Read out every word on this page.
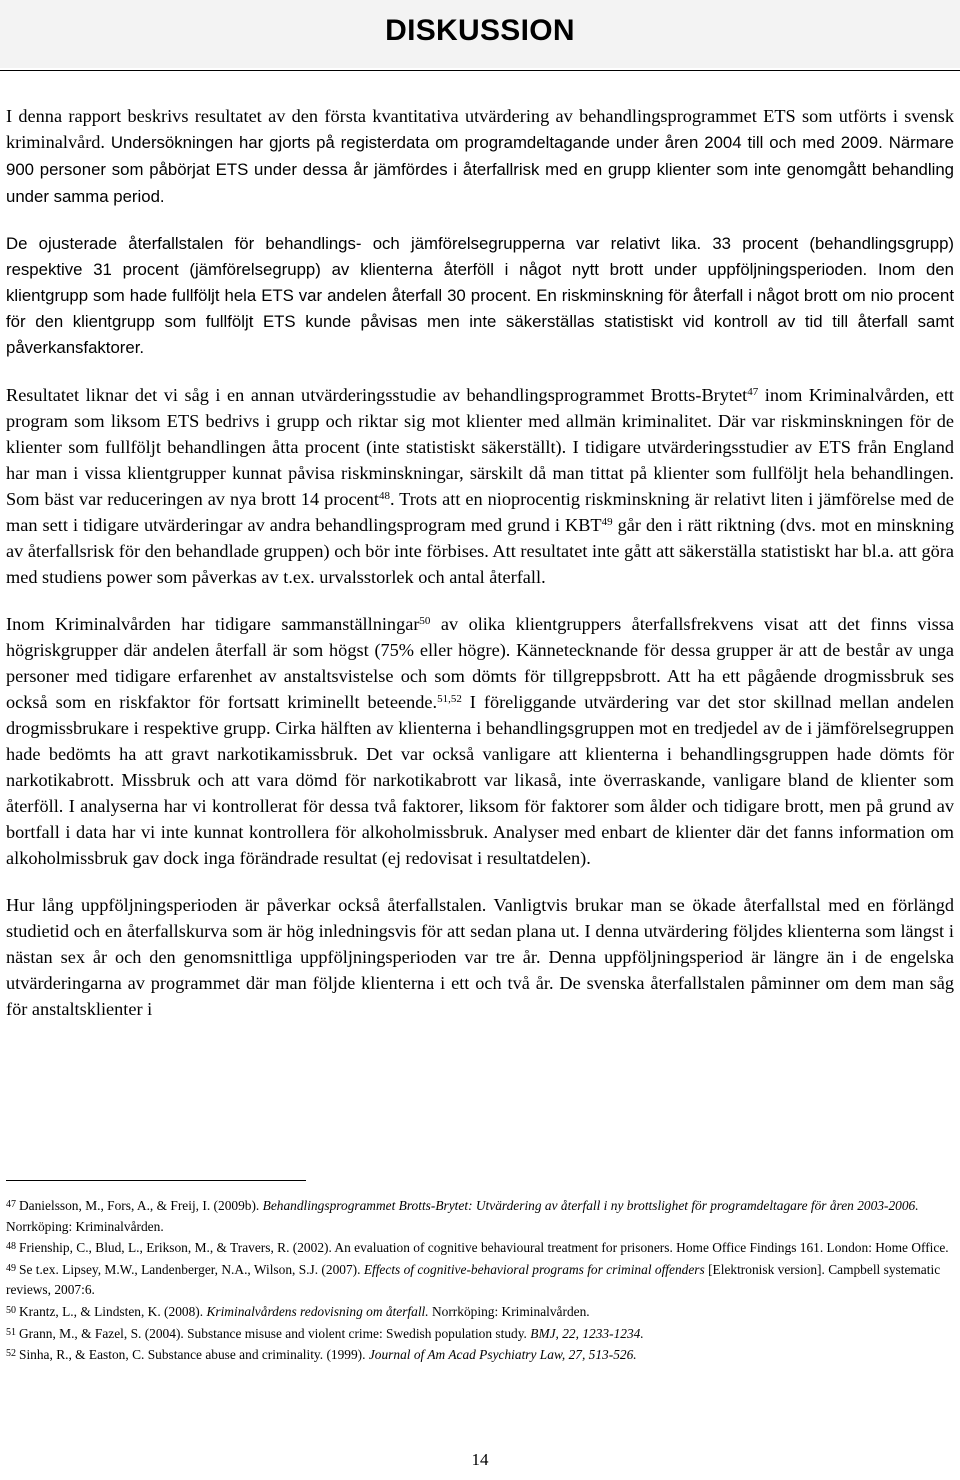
DISKUSSION

I denna rapport beskrivs resultatet av den första kvantitativa utvärdering av behandlingsprogrammet ETS som utförts i svensk kriminalvård. Undersökningen har gjorts på registerdata om programdeltagande under åren 2004 till och med 2009. Närmare 900 personer som påbörjat ETS under dessa år jämfördes i återfallrisk med en grupp klienter som inte genomgått behandling under samma period.

De ojusterade återfallstalen för behandlings- och jämförelsegrupperna var relativt lika. 33 procent (behandlingsgrupp) respektive 31 procent (jämförelsegrupp) av klienterna återföll i något nytt brott under uppföljningsperioden. Inom den klientgrupp som hade fullföljt hela ETS var andelen återfall 30 procent. En riskminskning för återfall i något brott om nio procent för den klientgrupp som fullföljt ETS kunde påvisas men inte säkerställas statistiskt vid kontroll av tid till återfall samt påverkansfaktorer.

Resultatet liknar det vi såg i en annan utvärderingsstudie av behandlingsprogrammet Brotts-Brytet$^{47}$ inom Kriminalvården, ett program som liksom ETS bedrivs i grupp och riktar sig mot klienter med allmän kriminalitet. Där var riskminskningen för de klienter som fullföljt behandlingen åtta procent (inte statistiskt säkerställt). I tidigare utvärderingsstudier av ETS från England har man i vissa klientgrupper kunnat påvisa riskminskningar, särskilt då man tittat på klienter som fullföljt hela behandlingen. Som bäst var reduceringen av nya brott 14 procent$^{48}$. Trots att en nioprocentig riskminskning är relativt liten i jämförelse med de man sett i tidigare utvärderingar av andra behandlingsprogram med grund i KBT$^{49}$ går den i rätt riktning (dvs. mot en minskning av återfallsrisk för den behandlade gruppen) och bör inte förbises. Att resultatet inte gått att säkerställa statistiskt har bl.a. att göra med studiens power som påverkas av t.ex. urvalsstorlek och antal återfall.

Inom Kriminalvården har tidigare sammanställningar$^{50}$ av olika klientgruppers återfallsfrekvens visat att det finns vissa högriskgrupper där andelen återfall är som högst (75% eller högre). Kännetecknande för dessa grupper är att de består av unga personer med tidigare erfarenhet av anstaltsvistelse och som dömts för tillgreppsbrott. Att ha ett pågående drogmissbruk ses också som en riskfaktor för fortsatt kriminellt beteende.$^{51,52}$ I föreliggande utvärdering var det stor skillnad mellan andelen drogmissbrukare i respektive grupp. Cirka hälften av klienterna i behandlingsgruppen mot en tredjedel av de i jämförelsegruppen hade bedömts ha att gravt narkotikamissbruk. Det var också vanligare att klienterna i behandlingsgruppen hade dömts för narkotikabrott. Missbruk och att vara dömd för narkotikabrott var likaså, inte överraskande, vanligare bland de klienter som återföll. I analyserna har vi kontrollerat för dessa två faktorer, liksom för faktorer som ålder och tidigare brott, men på grund av bortfall i data har vi inte kunnat kontrollera för alkoholmissbruk. Analyser med enbart de klienter där det fanns information om alkoholmissbruk gav dock inga förändrade resultat (ej redovisat i resultatdelen).

Hur lång uppföljningsperioden är påverkar också återfallstalen. Vanligtvis brukar man se ökade återfallstal med en förlängd studietid och en återfallskurva som är hög inledningsvis för att sedan plana ut. I denna utvärdering följdes klienterna som längst i nästan sex år och den genomsnittliga uppföljningsperioden var tre år. Denna uppföljningsperiod är längre än i de engelska utvärderingarna av programmet där man följde klienterna i ett och två år. De svenska återfallstalen påminner om dem man såg för anstaltsklienter i

$^{47}$ Danielsson, M., Fors, A., & Freij, I. (2009b). Behandlingsprogrammet Brotts-Brytet: Utvärdering av återfall i ny brottslighet för programdeltagare för åren 2003-2006. Norrköping: Kriminalvården.

$^{48}$ Frienship, C., Blud, L., Erikson, M., & Travers, R. (2002). An evaluation of cognitive behavioural treatment for prisoners. Home Office Findings 161. London: Home Office.

$^{49}$ Se t.ex. Lipsey, M.W., Landenberger, N.A., Wilson, S.J. (2007). Effects of cognitive-behavioral programs for criminal offenders [Elektronisk version]. Campbell systematic reviews, 2007:6.

$^{50}$ Krantz, L., & Lindsten, K. (2008). Kriminalvårdens redovisning om återfall. Norrköping: Kriminalvården.

$^{51}$ Grann, M., & Fazel, S. (2004). Substance misuse and violent crime: Swedish population study. BMJ, 22, 1233-1234.

$^{52}$ Sinha, R., & Easton, C. Substance abuse and criminality. (1999). Journal of Am Acad Psychiatry Law, 27, 513-526.

14
